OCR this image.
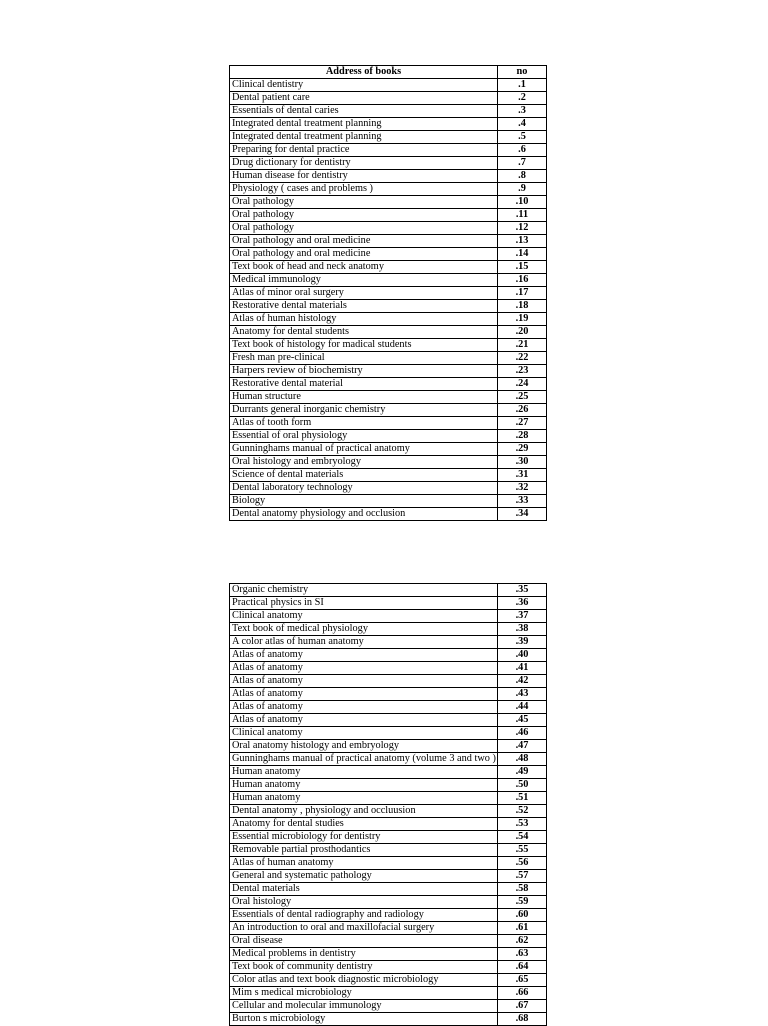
Address of books	no
Clinical dentistry	.1
Dental patient care	.2
Essentials of dental caries	.3
Integrated dental treatment planning	.4
Integrated dental treatment planning	.5
Preparing for dental practice	.6
Drug dictionary for dentistry	.7
Human disease for dentistry	.8
Physiology ( cases and problems )	.9
Oral pathology	.10
Oral pathology	.11
Oral pathology	.12
Oral pathology and oral medicine	.13
Oral pathology and oral medicine	.14
Text book of head and neck anatomy	.15
Medical immunology	.16
Atlas of minor oral surgery	.17
Restorative dental materials	.18
Atlas of human histology	.19
Anatomy for dental students	.20
Text book of histology for madical students	.21
Fresh man pre-clinical	.22
Harpers review of biochemistry	.23
Restorative dental material	.24
Human structure	.25
Durrants general inorganic chemistry	.26
Atlas of tooth form	.27
Essential of oral physiology	.28
Gunninghams manual of practical anatomy	.29
Oral histology and embryology	.30
Science of dental materials	.31
Dental laboratory technology	.32
Biology	.33
Dental anatomy physiology and occlusion	.34
Organic chemistry	.35
Practical physics in SI	.36
Clinical anatomy	.37
Text book of medical physiology	.38
A color atlas of human anatomy	.39
Atlas of anatomy	.40
Atlas of anatomy	.41
Atlas of anatomy	.42
Atlas of anatomy	.43
Atlas of anatomy	.44
Atlas of anatomy	.45
Clinical anatomy	.46
Oral anatomy histology and embryology	.47
Gunninghams manual of practical anatomy (volume 3 and two )	.48
Human anatomy	.49
Human anatomy	.50
Human anatomy	.51
Dental anatomy , physiology and occluusion	.52
Anatomy for dental studies	.53
Essential microbiology for dentistry	.54
Removable partial prosthodantics	.55
Atlas of human anatomy	.56
General and systematic pathology	.57
Dental materials	.58
Oral histology	.59
Essentials of dental radiography and radiology	.60
An introduction to oral and maxillofacial surgery	.61
Oral disease	.62
Medical problems in dentistry	.63
Text book of community dentistry	.64
Color atlas and text book diagnostic microbiology	.65
Mim s medical microbiology	.66
Cellular and molecular immunology	.67
Burton s microbiology	.68
